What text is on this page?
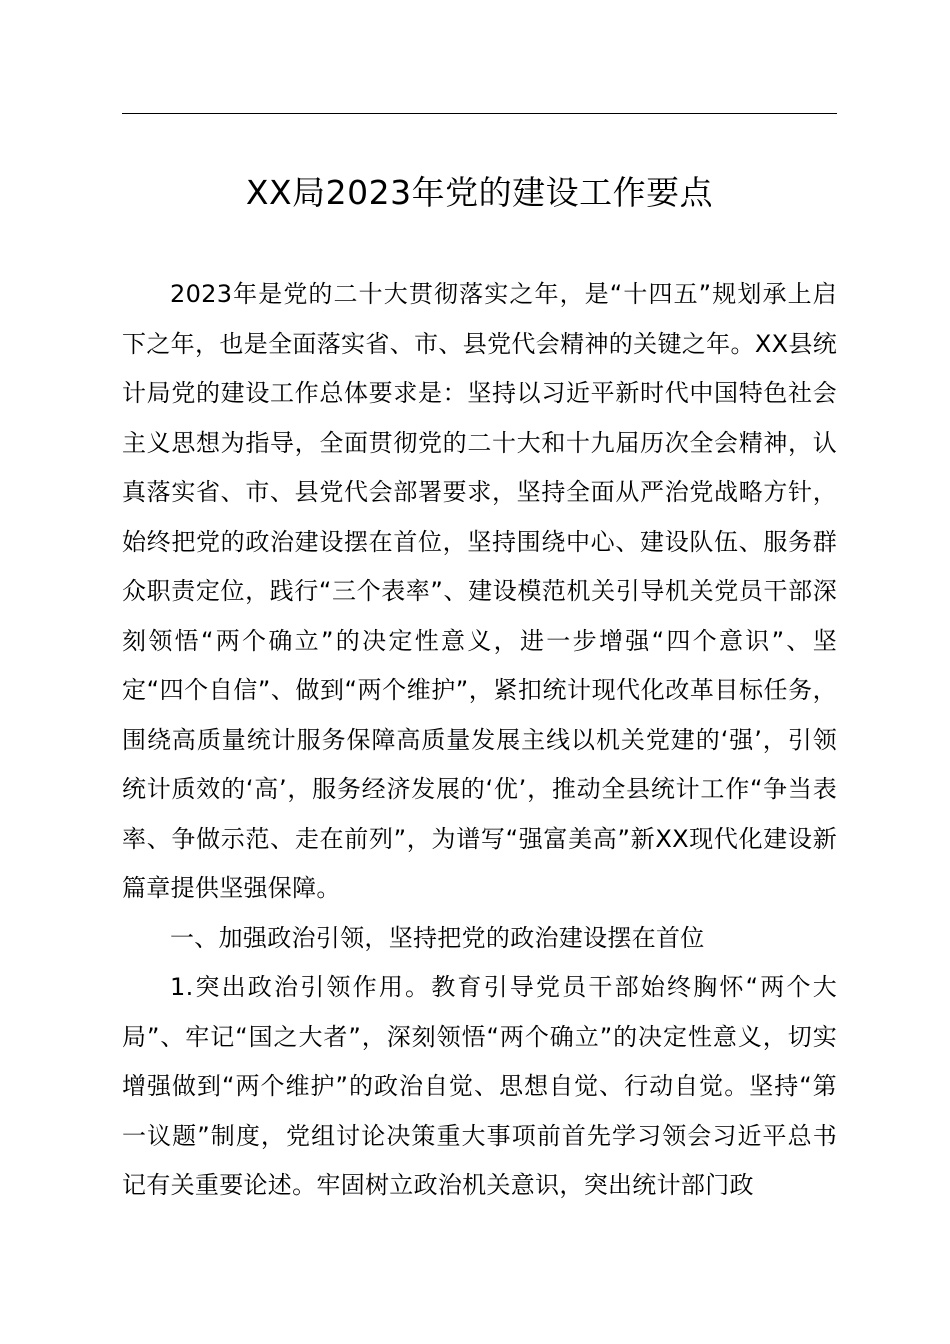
XX局2023年党的建设工作要点

2023年是党的二十大贯彻落实之年，是“十四五”规划承上启下之年，也是全面落实省、市、县党代会精神的关键之年。XX县统计局党的建设工作总体要求是：坚持以习近平新时代中国特色社会主义思想为指导，全面贯彻党的二十大和十九届历次全会精神，认真落实省、市、县党代会部署要求，坚持全面从严治党战略方针，始终把党的政治建设摆在首位，坚持围绕中心、建设队伍、服务群众职责定位，践行“三个表率”、建设模范机关引导机关党员干部深刻领悟“两个确立”的决定性意义，进一步增强“四个意识”、坚定“四个自信”、做到“两个维护”，紧扣统计现代化改革目标任务，围绕高质量统计服务保障高质量发展主线以机关党建的‘强’，引领统计质效的‘高’，服务经济发展的‘优’，推动全县统计工作“争当表率、争做示范、走在前列”，为谱写“强富美高”新XX现代化建设新篇章提供坚强保障。

一、加强政治引领，坚持把党的政治建设摆在首位

1.突出政治引领作用。教育引导党员干部始终胸怀“两个大局”、牢记“国之大者”，深刻领悟“两个确立”的决定性意义，切实增强做到“两个维护”的政治自觉、思想自觉、行动自觉。坚持“第一议题”制度，党组讨论决策重大事项前首先学习领会习近平总书记有关重要论述。牢固树立政治机关意识，突出统计部门政
